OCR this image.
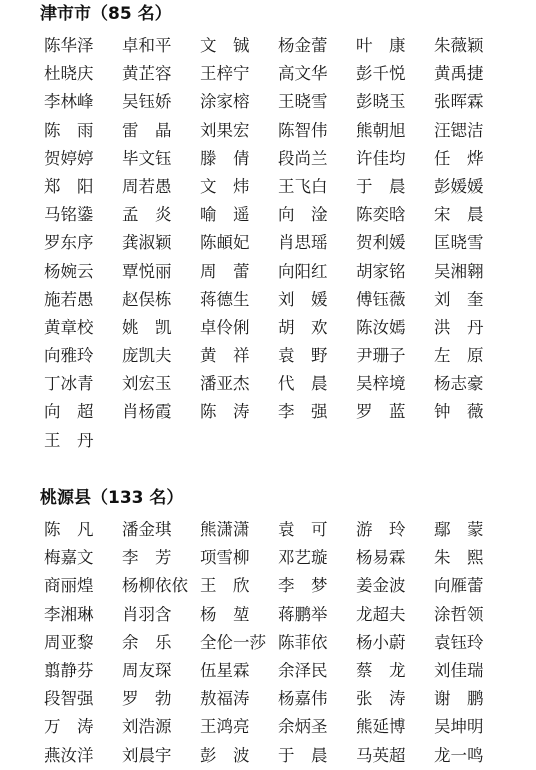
津市市（85 名）
陈华泽	卓和平	文　铖	杨金蕾	叶　康	朱薇颖
杜晓庆	黄芷容	王梓宁	高文华	彭千悦	黄禹捷
李林峰	吴钰娇	涂家榕	王晓雪	彭晓玉	张晖霖
陈　雨	雷　晶	刘果宏	陈智伟	熊朝旭	汪锶洁
贺婷婷	毕文钰	滕　倩	段尚兰	许佳均	任　烨
郑　阳	周若愚	文　炜	王飞白	于　晨	彭媛媛
马铭鍌	孟　炎	喻　遥	向　淦	陈奕晗	宋　晨
罗东序	龚淑颖	陈頔妃	肖思瑶	贺利媛	匡晓雪
杨婉云	覃悦丽	周　蕾	向阳红	胡家铭	吴湘翱
施若愚	赵俣栋	蒋德生	刘　媛	傅钰薇	刘　奎
黄章校	姚　凯	卓伶俐	胡　欢	陈汝嫣	洪　丹
向雅玲	庞凯夫	黄　祥	袁　野	尹珊子	左　原
丁冰青	刘宏玉	潘亚杰	代　晨	吴梓境	杨志豪
向　超	肖杨霞	陈　涛	李　强	罗　蓝	钟　薇
王　丹
桃源县（133 名）
陈　凡	潘金琪	熊潇潇	袁　可	游　玲	鄢　蒙
梅嘉文	李　芳	项雪柳	邓艺璇	杨易霖	朱　熙
商丽煌	杨柳依依 王　欣	李　梦	姜金波	向雁蕾
李湘琳	肖羽含	杨　堃	蒋鹏举	龙超夫	涂哲领
周亚黎	余　乐	全伦一莎 陈菲依	杨小蔚	袁钰玲
翦静芬	周友琛	伍星霖	余泽民	蔡　龙	刘佳瑞
段智强	罗　勃	敖福涛	杨嘉伟	张　涛	谢　鹏
万　涛	刘浩源	王鸿亮	余炳圣	熊延博	吴坤明
燕汝洋	刘晨宇	彭　波	于　晨	马英超	龙一鸣
